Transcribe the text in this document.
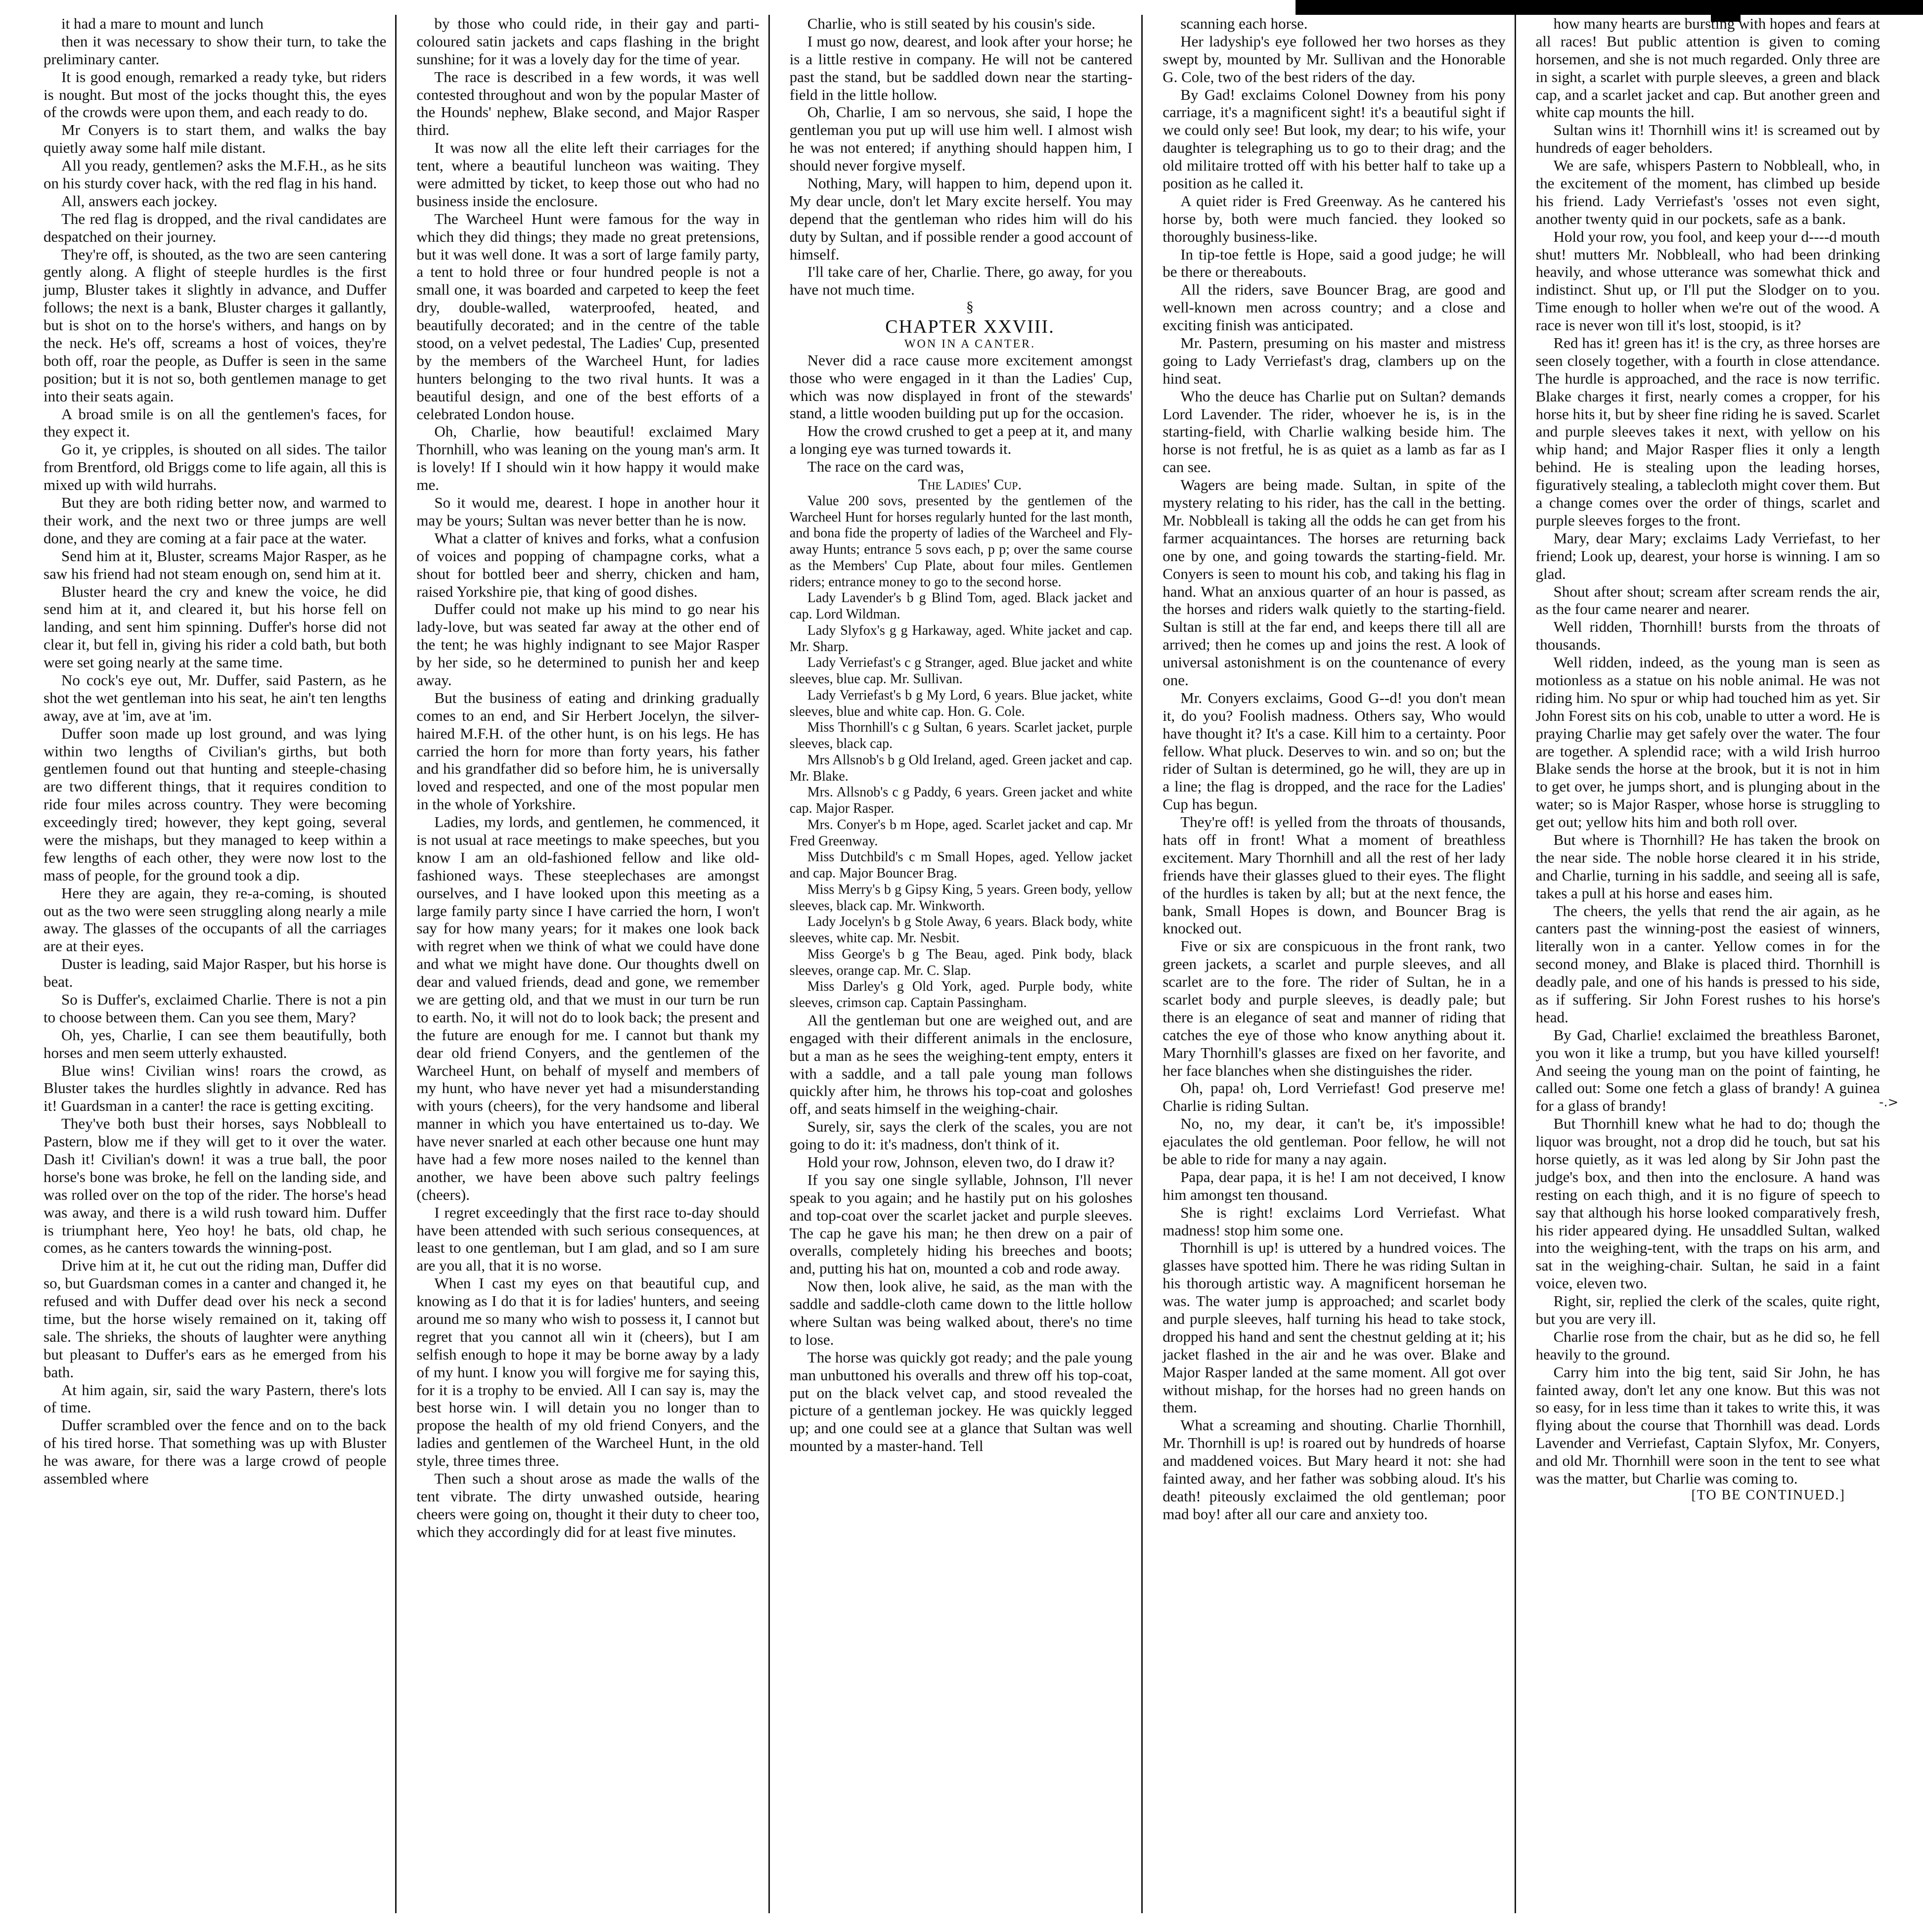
-.>

it had a mare to mount and lunch

then it was necessary to show their turn, to take the preliminary canter.

It is good enough, remarked a ready tyke, but riders is nought. But most of the jocks thought this, the eyes of the crowds were upon them, and each ready to do.

Mr Conyers is to start them, and walks the bay quietly away some half mile distant.

All you ready, gentlemen? asks the M.F.H., as he sits on his sturdy cover hack, with the red flag in his hand.

All, answers each jockey.

The red flag is dropped, and the rival candidates are despatched on their journey.

They're off, is shouted, as the two are seen cantering gently along. A flight of steeple hurdles is the first jump, Bluster takes it slightly in advance, and Duffer follows; the next is a bank, Bluster charges it gallantly, but is shot on to the horse's withers, and hangs on by the neck. He's off, screams a host of voices, they're both off, roar the people, as Duffer is seen in the same position; but it is not so, both gentlemen manage to get into their seats again.

A broad smile is on all the gentlemen's faces, for they expect it.

Go it, ye cripples, is shouted on all sides. The tailor from Brentford, old Briggs come to life again, all this is mixed up with wild hurrahs.

But they are both riding better now, and warmed to their work, and the next two or three jumps are well done, and they are coming at a fair pace at the water.

Send him at it, Bluster, screams Major Rasper, as he saw his friend had not steam enough on, send him at it.

Bluster heard the cry and knew the voice, he did send him at it, and cleared it, but his horse fell on landing, and sent him spinning. Duffer's horse did not clear it, but fell in, giving his rider a cold bath, but both were set going nearly at the same time.

No cock's eye out, Mr. Duffer, said Pastern, as he shot the wet gentleman into his seat, he ain't ten lengths away, ave at 'im, ave at 'im.

Duffer soon made up lost ground, and was lying within two lengths of Civilian's girths, but both gentlemen found out that hunting and steeple-chasing are two different things, that it requires condition to ride four miles across country. They were becoming exceedingly tired; however, they kept going, several were the mishaps, but they managed to keep within a few lengths of each other, they were now lost to the mass of people, for the ground took a dip.

Here they are again, they re-a-coming, is shouted out as the two were seen struggling along nearly a mile away. The glasses of the occupants of all the carriages are at their eyes.

Duster is leading, said Major Rasper, but his horse is beat.

So is Duffer's, exclaimed Charlie. There is not a pin to choose between them. Can you see them, Mary?

Oh, yes, Charlie, I can see them beautifully, both horses and men seem utterly exhausted.

Blue wins! Civilian wins! roars the crowd, as Bluster takes the hurdles slightly in advance. Red has it! Guardsman in a canter! the race is getting exciting.

They've both bust their horses, says Nobbleall to Pastern, blow me if they will get to it over the water. Dash it! Civilian's down! it was a true ball, the poor horse's bone was broke, he fell on the landing side, and was rolled over on the top of the rider. The horse's head was away, and there is a wild rush toward him. Duffer is triumphant here, Yeo hoy! he bats, old chap, he comes, as he canters towards the winning-post.

Drive him at it, he cut out the riding man, Duffer did so, but Guardsman comes in a canter and changed it, he refused and with Duffer dead over his neck a second time, but the horse wisely remained on it, taking off sale. The shrieks, the shouts of laughter were anything but pleasant to Duffer's ears as he emerged from his bath.

At him again, sir, said the wary Pastern, there's lots of time.

Duffer scrambled over the fence and on to the back of his tired horse. That something was up with Bluster he was aware, for there was a large crowd of people assembled where

by those who could ride, in their gay and parti-coloured satin jackets and caps flashing in the bright sunshine; for it was a lovely day for the time of year.

The race is described in a few words, it was well contested throughout and won by the popular Master of the Hounds' nephew, Blake second, and Major Rasper third.

It was now all the elite left their carriages for the tent, where a beautiful luncheon was waiting. They were admitted by ticket, to keep those out who had no business inside the enclosure.

The Warcheel Hunt were famous for the way in which they did things; they made no great pretensions, but it was well done. It was a sort of large family party, a tent to hold three or four hundred people is not a small one, it was boarded and carpeted to keep the feet dry, double-walled, waterproofed, heated, and beautifully decorated; and in the centre of the table stood, on a velvet pedestal, The Ladies' Cup, presented by the members of the Warcheel Hunt, for ladies hunters belonging to the two rival hunts. It was a beautiful design, and one of the best efforts of a celebrated London house.

Oh, Charlie, how beautiful! exclaimed Mary Thornhill, who was leaning on the young man's arm. It is lovely! If I should win it how happy it would make me.

So it would me, dearest. I hope in another hour it may be yours; Sultan was never better than he is now.

What a clatter of knives and forks, what a confusion of voices and popping of champagne corks, what a shout for bottled beer and sherry, chicken and ham, raised Yorkshire pie, that king of good dishes.

Duffer could not make up his mind to go near his lady-love, but was seated far away at the other end of the tent; he was highly indignant to see Major Rasper by her side, so he determined to punish her and keep away.

But the business of eating and drinking gradually comes to an end, and Sir Herbert Jocelyn, the silver-haired M.F.H. of the other hunt, is on his legs. He has carried the horn for more than forty years, his father and his grandfather did so before him, he is universally loved and respected, and one of the most popular men in the whole of Yorkshire.

Ladies, my lords, and gentlemen, he commenced, it is not usual at race meetings to make speeches, but you know I am an old-fashioned fellow and like old-fashioned ways. These steeplechases are amongst ourselves, and I have looked upon this meeting as a large family party since I have carried the horn, I won't say for how many years; for it makes one look back with regret when we think of what we could have done and what we might have done. Our thoughts dwell on dear and valued friends, dead and gone, we remember we are getting old, and that we must in our turn be run to earth. No, it will not do to look back; the present and the future are enough for me. I cannot but thank my dear old friend Conyers, and the gentlemen of the Warcheel Hunt, on behalf of myself and members of my hunt, who have never yet had a misunderstanding with yours (cheers), for the very handsome and liberal manner in which you have entertained us to-day. We have never snarled at each other because one hunt may have had a few more noses nailed to the kennel than another, we have been above such paltry feelings (cheers).

I regret exceedingly that the first race to-day should have been attended with such serious consequences, at least to one gentleman, but I am glad, and so I am sure are you all, that it is no worse.

When I cast my eyes on that beautiful cup, and knowing as I do that it is for ladies' hunters, and seeing around me so many who wish to possess it, I cannot but regret that you cannot all win it (cheers), but I am selfish enough to hope it may be borne away by a lady of my hunt. I know you will forgive me for saying this, for it is a trophy to be envied. All I can say is, may the best horse win. I will detain you no longer than to propose the health of my old friend Conyers, and the ladies and gentlemen of the Warcheel Hunt, in the old style, three times three.

Then such a shout arose as made the walls of the tent vibrate. The dirty unwashed outside, hearing cheers were going on, thought it their duty to cheer too, which they accordingly did for at least five minutes.

Charlie, who is still seated by his cousin's side.

I must go now, dearest, and look after your horse; he is a little restive in company. He will not be cantered past the stand, but be saddled down near the starting-field in the little hollow.

Oh, Charlie, I am so nervous, she said, I hope the gentleman you put up will use him well. I almost wish he was not entered; if anything should happen him, I should never forgive myself.

Nothing, Mary, will happen to him, depend upon it. My dear uncle, don't let Mary excite herself. You may depend that the gentleman who rides him will do his duty by Sultan, and if possible render a good account of himself.

I'll take care of her, Charlie. There, go away, for you have not much time.

§

CHAPTER XXVIII.

WON IN A CANTER.

Never did a race cause more excitement amongst those who were engaged in it than the Ladies' Cup, which was now displayed in front of the stewards' stand, a little wooden building put up for the occasion.

How the crowd crushed to get a peep at it, and many a longing eye was turned towards it.

The race on the card was,

The Ladies' Cup.

Value 200 sovs, presented by the gentlemen of the Warcheel Hunt for horses regularly hunted for the last month, and bona fide the property of ladies of the Warcheel and Fly-away Hunts; entrance 5 sovs each, p p; over the same course as the Members' Cup Plate, about four miles. Gentlemen riders; entrance money to go to the second horse.

Lady Lavender's b g Blind Tom, aged. Black jacket and cap. Lord Wildman.

Lady Slyfox's g g Harkaway, aged. White jacket and cap. Mr. Sharp.

Lady Verriefast's c g Stranger, aged. Blue jacket and white sleeves, blue cap. Mr. Sullivan.

Lady Verriefast's b g My Lord, 6 years. Blue jacket, white sleeves, blue and white cap. Hon. G. Cole.

Miss Thornhill's c g Sultan, 6 years. Scarlet jacket, purple sleeves, black cap.

Mrs Allsnob's b g Old Ireland, aged. Green jacket and cap. Mr. Blake.

Mrs. Allsnob's c g Paddy, 6 years. Green jacket and white cap. Major Rasper.

Mrs. Conyer's b m Hope, aged. Scarlet jacket and cap. Mr Fred Greenway.

Miss Dutchbild's c m Small Hopes, aged. Yellow jacket and cap. Major Bouncer Brag.

Miss Merry's b g Gipsy King, 5 years. Green body, yellow sleeves, black cap. Mr. Winkworth.

Lady Jocelyn's b g Stole Away, 6 years. Black body, white sleeves, white cap. Mr. Nesbit.

Miss George's b g The Beau, aged. Pink body, black sleeves, orange cap. Mr. C. Slap.

Miss Darley's g Old York, aged. Purple body, white sleeves, crimson cap. Captain Passingham.

All the gentleman but one are weighed out, and are engaged with their different animals in the enclosure, but a man as he sees the weighing-tent empty, enters it with a saddle, and a tall pale young man follows quickly after him, he throws his top-coat and goloshes off, and seats himself in the weighing-chair.

Surely, sir, says the clerk of the scales, you are not going to do it: it's madness, don't think of it.

Hold your row, Johnson, eleven two, do I draw it?

If you say one single syllable, Johnson, I'll never speak to you again; and he hastily put on his goloshes and top-coat over the scarlet jacket and purple sleeves. The cap he gave his man; he then drew on a pair of overalls, completely hiding his breeches and boots; and, putting his hat on, mounted a cob and rode away.

Now then, look alive, he said, as the man with the saddle and saddle-cloth came down to the little hollow where Sultan was being walked about, there's no time to lose.

The horse was quickly got ready; and the pale young man unbuttoned his overalls and threw off his top-coat, put on the black velvet cap, and stood revealed the picture of a gentleman jockey. He was quickly legged up; and one could see at a glance that Sultan was well mounted by a master-hand. Tell

scanning each horse.

Her ladyship's eye followed her two horses as they swept by, mounted by Mr. Sullivan and the Honorable G. Cole, two of the best riders of the day.

By Gad! exclaims Colonel Downey from his pony carriage, it's a magnificent sight! it's a beautiful sight if we could only see! But look, my dear; to his wife, your daughter is telegraphing us to go to their drag; and the old militaire trotted off with his better half to take up a position as he called it.

A quiet rider is Fred Greenway. As he cantered his horse by, both were much fancied. they looked so thoroughly business-like.

In tip-toe fettle is Hope, said a good judge; he will be there or thereabouts.

All the riders, save Bouncer Brag, are good and well-known men across country; and a close and exciting finish was anticipated.

Mr. Pastern, presuming on his master and mistress going to Lady Verriefast's drag, clambers up on the hind seat.

Who the deuce has Charlie put on Sultan? demands Lord Lavender. The rider, whoever he is, is in the starting-field, with Charlie walking beside him. The horse is not fretful, he is as quiet as a lamb as far as I can see.

Wagers are being made. Sultan, in spite of the mystery relating to his rider, has the call in the betting. Mr. Nobbleall is taking all the odds he can get from his farmer acquaintances. The horses are returning back one by one, and going towards the starting-field. Mr. Conyers is seen to mount his cob, and taking his flag in hand. What an anxious quarter of an hour is passed, as the horses and riders walk quietly to the starting-field. Sultan is still at the far end, and keeps there till all are arrived; then he comes up and joins the rest. A look of universal astonishment is on the countenance of every one.

Mr. Conyers exclaims, Good G--d! you don't mean it, do you? Foolish madness. Others say, Who would have thought it? It's a case. Kill him to a certainty. Poor fellow. What pluck. Deserves to win. and so on; but the rider of Sultan is determined, go he will, they are up in a line; the flag is dropped, and the race for the Ladies' Cup has begun.

They're off! is yelled from the throats of thousands, hats off in front! What a moment of breathless excitement. Mary Thornhill and all the rest of her lady friends have their glasses glued to their eyes. The flight of the hurdles is taken by all; but at the next fence, the bank, Small Hopes is down, and Bouncer Brag is knocked out.

Five or six are conspicuous in the front rank, two green jackets, a scarlet and purple sleeves, and all scarlet are to the fore. The rider of Sultan, he in a scarlet body and purple sleeves, is deadly pale; but there is an elegance of seat and manner of riding that catches the eye of those who know anything about it. Mary Thornhill's glasses are fixed on her favorite, and her face blanches when she distinguishes the rider.

Oh, papa! oh, Lord Verriefast! God preserve me! Charlie is riding Sultan.

No, no, my dear, it can't be, it's impossible! ejaculates the old gentleman. Poor fellow, he will not be able to ride for many a nay again.

Papa, dear papa, it is he! I am not deceived, I know him amongst ten thousand.

She is right! exclaims Lord Verriefast. What madness! stop him some one.

Thornhill is up! is uttered by a hundred voices. The glasses have spotted him. There he was riding Sultan in his thorough artistic way. A magnificent horseman he was. The water jump is approached; and scarlet body and purple sleeves, half turning his head to take stock, dropped his hand and sent the chestnut gelding at it; his jacket flashed in the air and he was over. Blake and Major Rasper landed at the same moment. All got over without mishap, for the horses had no green hands on them.

What a screaming and shouting. Charlie Thornhill, Mr. Thornhill is up! is roared out by hundreds of hoarse and maddened voices. But Mary heard it not: she had fainted away, and her father was sobbing aloud. It's his death! piteously exclaimed the old gentleman; poor mad boy! after all our care and anxiety too.

how many hearts are bursting with hopes and fears at all races! But public attention is given to coming horsemen, and she is not much regarded. Only three are in sight, a scarlet with purple sleeves, a green and black cap, and a scarlet jacket and cap. But another green and white cap mounts the hill.

Sultan wins it! Thornhill wins it! is screamed out by hundreds of eager beholders.

We are safe, whispers Pastern to Nobbleall, who, in the excitement of the moment, has climbed up beside his friend. Lady Verriefast's 'osses not even sight, another twenty quid in our pockets, safe as a bank.

Hold your row, you fool, and keep your d----d mouth shut! mutters Mr. Nobbleall, who had been drinking heavily, and whose utterance was somewhat thick and indistinct. Shut up, or I'll put the Slodger on to you. Time enough to holler when we're out of the wood. A race is never won till it's lost, stoopid, is it?

Red has it! green has it! is the cry, as three horses are seen closely together, with a fourth in close attendance. The hurdle is approached, and the race is now terrific. Blake charges it first, nearly comes a cropper, for his horse hits it, but by sheer fine riding he is saved. Scarlet and purple sleeves takes it next, with yellow on his whip hand; and Major Rasper flies it only a length behind. He is stealing upon the leading horses, figuratively stealing, a tablecloth might cover them. But a change comes over the order of things, scarlet and purple sleeves forges to the front.

Mary, dear Mary; exclaims Lady Verriefast, to her friend; Look up, dearest, your horse is winning. I am so glad.

Shout after shout; scream after scream rends the air, as the four came nearer and nearer.

Well ridden, Thornhill! bursts from the throats of thousands.

Well ridden, indeed, as the young man is seen as motionless as a statue on his noble animal. He was not riding him. No spur or whip had touched him as yet. Sir John Forest sits on his cob, unable to utter a word. He is praying Charlie may get safely over the water. The four are together. A splendid race; with a wild Irish hurroo Blake sends the horse at the brook, but it is not in him to get over, he jumps short, and is plunging about in the water; so is Major Rasper, whose horse is struggling to get out; yellow hits him and both roll over.

But where is Thornhill? He has taken the brook on the near side. The noble horse cleared it in his stride, and Charlie, turning in his saddle, and seeing all is safe, takes a pull at his horse and eases him.

The cheers, the yells that rend the air again, as he canters past the winning-post the easiest of winners, literally won in a canter. Yellow comes in for the second money, and Blake is placed third. Thornhill is deadly pale, and one of his hands is pressed to his side, as if suffering. Sir John Forest rushes to his horse's head.

By Gad, Charlie! exclaimed the breathless Baronet, you won it like a trump, but you have killed yourself! And seeing the young man on the point of fainting, he called out: Some one fetch a glass of brandy! A guinea for a glass of brandy!

But Thornhill knew what he had to do; though the liquor was brought, not a drop did he touch, but sat his horse quietly, as it was led along by Sir John past the judge's box, and then into the enclosure. A hand was resting on each thigh, and it is no figure of speech to say that although his horse looked comparatively fresh, his rider appeared dying. He unsaddled Sultan, walked into the weighing-tent, with the traps on his arm, and sat in the weighing-chair. Sultan, he said in a faint voice, eleven two.

Right, sir, replied the clerk of the scales, quite right, but you are very ill.

Charlie rose from the chair, but as he did so, he fell heavily to the ground.

Carry him into the big tent, said Sir John, he has fainted away, don't let any one know. But this was not so easy, for in less time than it takes to write this, it was flying about the course that Thornhill was dead. Lords Lavender and Verriefast, Captain Slyfox, Mr. Conyers, and old Mr. Thornhill were soon in the tent to see what was the matter, but Charlie was coming to.

[TO BE CONTINUED.]
